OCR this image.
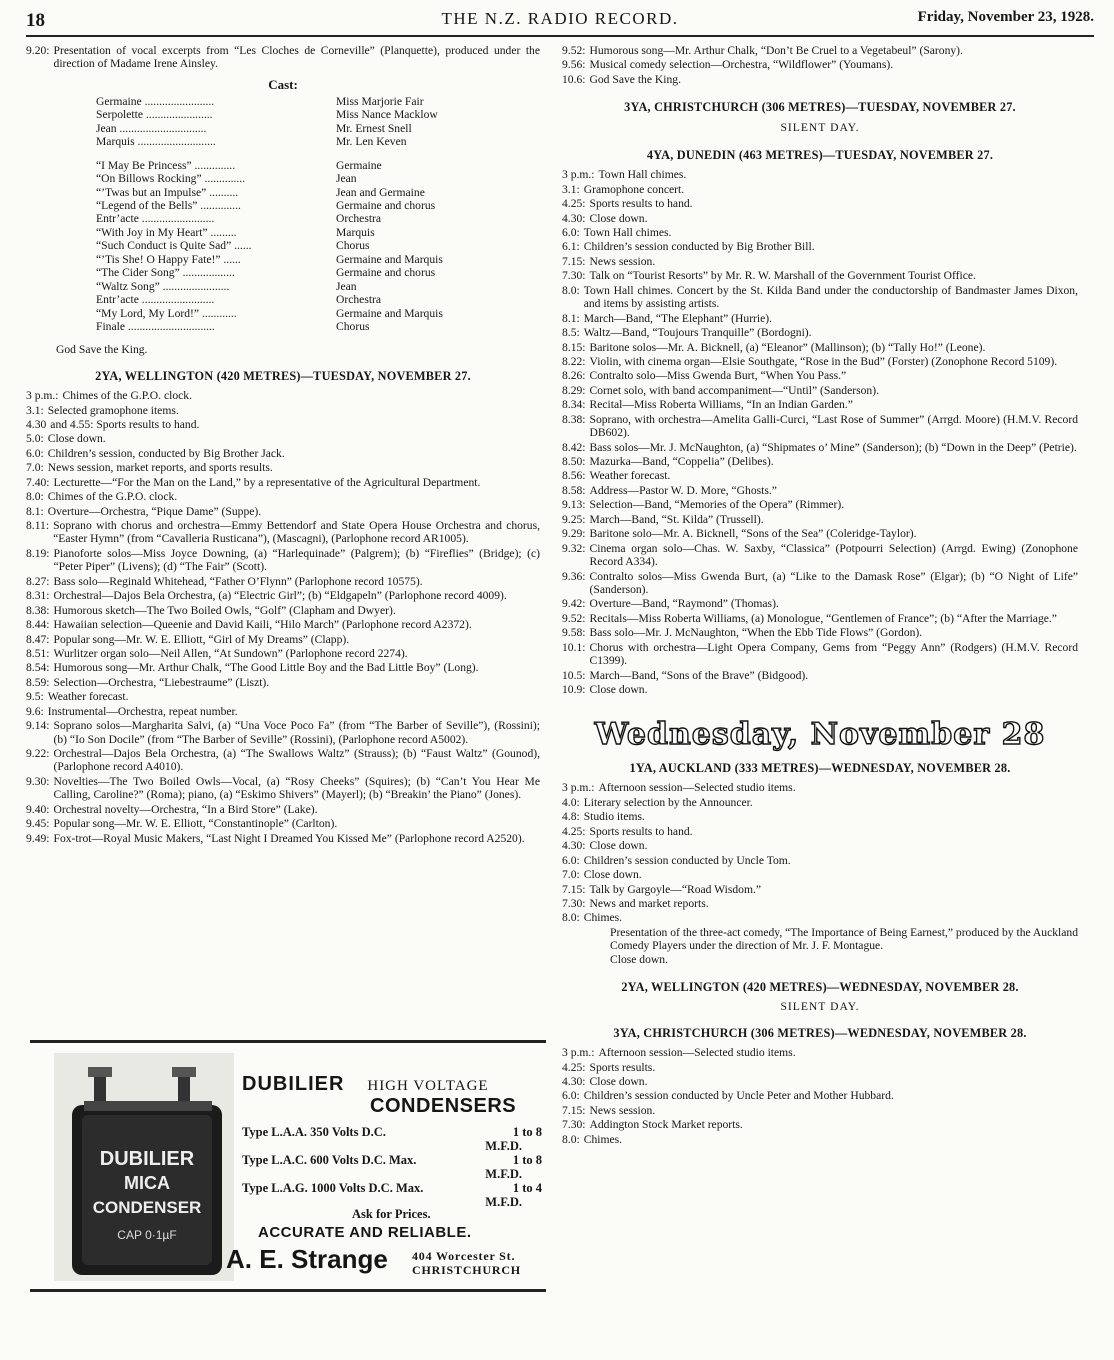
18	THE N.Z. RADIO RECORD.	Friday, November 23, 1928.
9.20: Presentation of vocal excerpts from “Les Cloches de Corneville” (Planquette), produced under the direction of Madame Irene Ainsley.
Cast:
Germaine ........................	Miss Marjorie Fair
Serpolette .......................	Miss Nance Macklow
Jean ..............................	Mr. Ernest Snell
Marquis ...........................	Mr. Len Keven
“I May Be Princess” ..............	Germaine
“On Billows Rocking” ..............	Jean
“’Twas but an Impulse” ..........	Jean and Germaine
“Legend of the Bells” ..............	Germaine and chorus
Entr’acte .........................	Orchestra
“With Joy in My Heart” .........	Marquis
“Such Conduct is Quite Sad” ......	Chorus
“’Tis She! O Happy Fate!” ......	Germaine and Marquis
“The Cider Song” ..................	Germaine and chorus
“Waltz Song” .......................	Jean
Entr’acte .........................	Orchestra
“My Lord, My Lord!” ............	Germaine and Marquis
Finale ..............................	Chorus
God Save the King.
2YA, WELLINGTON (420 METRES)—TUESDAY, NOVEMBER 27.
3 p.m.: Chimes of the G.P.O. clock.
3.1: Selected gramophone items.
4.30 and 4.55: Sports results to hand.
5.0: Close down.
6.0: Children’s session, conducted by Big Brother Jack.
7.0: News session, market reports, and sports results.
7.40: Lecturette—“For the Man on the Land,” by a representative of the Agricultural Department.
8.0: Chimes of the G.P.O. clock.
8.1: Overture—Orchestra, “Pique Dame” (Suppe).
8.11: Soprano with chorus and orchestra—Emmy Bettendorf and State Opera House Orchestra and chorus, “Easter Hymn” (from “Cavalleria Rusticana”), (Mascagni), (Parlophone record AR1005).
8.19: Pianoforte solos—Miss Joyce Downing, (a) “Harlequinade” (Palgrem); (b) “Fireflies” (Bridge); (c) “Peter Piper” (Livens); (d) “The Fair” (Scott).
8.27: Bass solo—Reginald Whitehead, “Father O’Flynn” (Parlophone record 10575).
8.31: Orchestral—Dajos Bela Orchestra, (a) “Electric Girl”; (b) “Eldgapeln” (Parlophone record 4009).
8.38: Humorous sketch—The Two Boiled Owls, “Golf” (Clapham and Dwyer).
8.44: Hawaiian selection—Queenie and David Kaili, “Hilo March” (Parlophone record A2372).
8.47: Popular song—Mr. W. E. Elliott, “Girl of My Dreams” (Clapp).
8.51: Wurlitzer organ solo—Neil Allen, “At Sundown” (Parlophone record 2274).
8.54: Humorous song—Mr. Arthur Chalk, “The Good Little Boy and the Bad Little Boy” (Long).
8.59: Selection—Orchestra, “Liebestraume” (Liszt).
9.5: Weather forecast.
9.6: Instrumental—Orchestra, repeat number.
9.14: Soprano solos—Margharita Salvi, (a) “Una Voce Poco Fa” (from “The Barber of Seville”), (Rossini); (b) “Io Son Docile” (from “The Barber of Seville” (Rossini), (Parlophone record A5002).
9.22: Orchestral—Dajos Bela Orchestra, (a) “The Swallows Waltz” (Strauss); (b) “Faust Waltz” (Gounod), (Parlophone record A4010).
9.30: Novelties—The Two Boiled Owls—Vocal, (a) “Rosy Cheeks” (Squires); (b) “Can’t You Hear Me Calling, Caroline?” (Roma); piano, (a) “Eskimo Shivers” (Mayerl); (b) “Breakin’ the Piano” (Jones).
9.40: Orchestral novelty—Orchestra, “In a Bird Store” (Lake).
9.45: Popular song—Mr. W. E. Elliott, “Constantinople” (Carlton).
9.49: Fox-trot—Royal Music Makers, “Last Night I Dreamed You Kissed Me” (Parlophone record A2520).
9.52: Humorous song—Mr. Arthur Chalk, “Don’t Be Cruel to a Vegetabeul” (Sarony).
9.56: Musical comedy selection—Orchestra, “Wildflower” (Youmans).
10.6: God Save the King.
3YA, CHRISTCHURCH (306 METRES)—TUESDAY, NOVEMBER 27.
SILENT DAY.
4YA, DUNEDIN (463 METRES)—TUESDAY, NOVEMBER 27.
3 p.m.: Town Hall chimes.
3.1: Gramophone concert.
4.25: Sports results to hand.
4.30: Close down.
6.0: Town Hall chimes.
6.1: Children’s session conducted by Big Brother Bill.
7.15: News session.
7.30: Talk on “Tourist Resorts” by Mr. R. W. Marshall of the Government Tourist Office.
8.0: Town Hall chimes. Concert by the St. Kilda Band under the conductorship of Bandmaster James Dixon, and items by assisting artists.
8.1: March—Band, “The Elephant” (Hurrie).
8.5: Waltz—Band, “Toujours Tranquille” (Bordogni).
8.15: Baritone solos—Mr. A. Bicknell, (a) “Eleanor” (Mallinson); (b) “Tally Ho!” (Leone).
8.22: Violin, with cinema organ—Elsie Southgate, “Rose in the Bud” (Forster) (Zonophone Record 5109).
8.26: Contralto solo—Miss Gwenda Burt, “When You Pass.”
8.29: Cornet solo, with band accompaniment—“Until” (Sanderson).
8.34: Recital—Miss Roberta Williams, “In an Indian Garden.”
8.38: Soprano, with orchestra—Amelita Galli-Curci, “Last Rose of Summer” (Arrgd. Moore) (H.M.V. Record DB602).
8.42: Bass solos—Mr. J. McNaughton, (a) “Shipmates o’ Mine” (Sanderson); (b) “Down in the Deep” (Petrie).
8.50: Mazurka—Band, “Coppelia” (Delibes).
8.56: Weather forecast.
8.58: Address—Pastor W. D. More, “Ghosts.”
9.13: Selection—Band, “Memories of the Opera” (Rimmer).
9.25: March—Band, “St. Kilda” (Trussell).
9.29: Baritone solo—Mr. A. Bicknell, “Sons of the Sea” (Coleridge-Taylor).
9.32: Cinema organ solo—Chas. W. Saxby, “Classica” (Potpourri Selection) (Arrgd. Ewing) (Zonophone Record A334).
9.36: Contralto solos—Miss Gwenda Burt, (a) “Like to the Damask Rose” (Elgar); (b) “O Night of Life” (Sanderson).
9.42: Overture—Band, “Raymond” (Thomas).
9.52: Recitals—Miss Roberta Williams, (a) Monologue, “Gentlemen of France”; (b) “After the Marriage.”
9.58: Bass solo—Mr. J. McNaughton, “When the Ebb Tide Flows” (Gordon).
10.1: Chorus with orchestra—Light Opera Company, Gems from “Peggy Ann” (Rodgers) (H.M.V. Record C1399).
10.5: March—Band, “Sons of the Brave” (Bidgood).
10.9: Close down.
Wednesday, November 28
1YA, AUCKLAND (333 METRES)—WEDNESDAY, NOVEMBER 28.
3 p.m.: Afternoon session—Selected studio items.
4.0: Literary selection by the Announcer.
4.8: Studio items.
4.25: Sports results to hand.
4.30: Close down.
6.0: Children’s session conducted by Uncle Tom.
7.0: Close down.
7.15: Talk by Gargoyle—“Road Wisdom.”
7.30: News and market reports.
8.0: Chimes.
Presentation of the three-act comedy, “The Importance of Being Earnest,” produced by the Auckland Comedy Players under the direction of Mr. J. F. Montague.
Close down.
2YA, WELLINGTON (420 METRES)—WEDNESDAY, NOVEMBER 28.
SILENT DAY.
3YA, CHRISTCHURCH (306 METRES)—WEDNESDAY, NOVEMBER 28.
3 p.m.: Afternoon session—Selected studio items.
4.25: Sports results.
4.30: Close down.
6.0: Children’s session conducted by Uncle Peter and Mother Hubbard.
7.15: News session.
7.30: Addington Stock Market reports.
8.0: Chimes.
DUBILIER
MICA
CONDENSER
CAP 0·1µF
DUBILIER HIGH VOLTAGE
CONDENSERS
Type L.A.A. 350 Volts D.C.	1 to 8
M.F.D.
Type L.A.C. 600 Volts D.C. Max.	1 to 8
M.F.D.
Type L.A.G. 1000 Volts D.C. Max.	1 to 4
M.F.D.
Ask for Prices.
ACCURATE AND RELIABLE.
A. E. Strange 404 Worcester St.
CHRISTCHURCH
